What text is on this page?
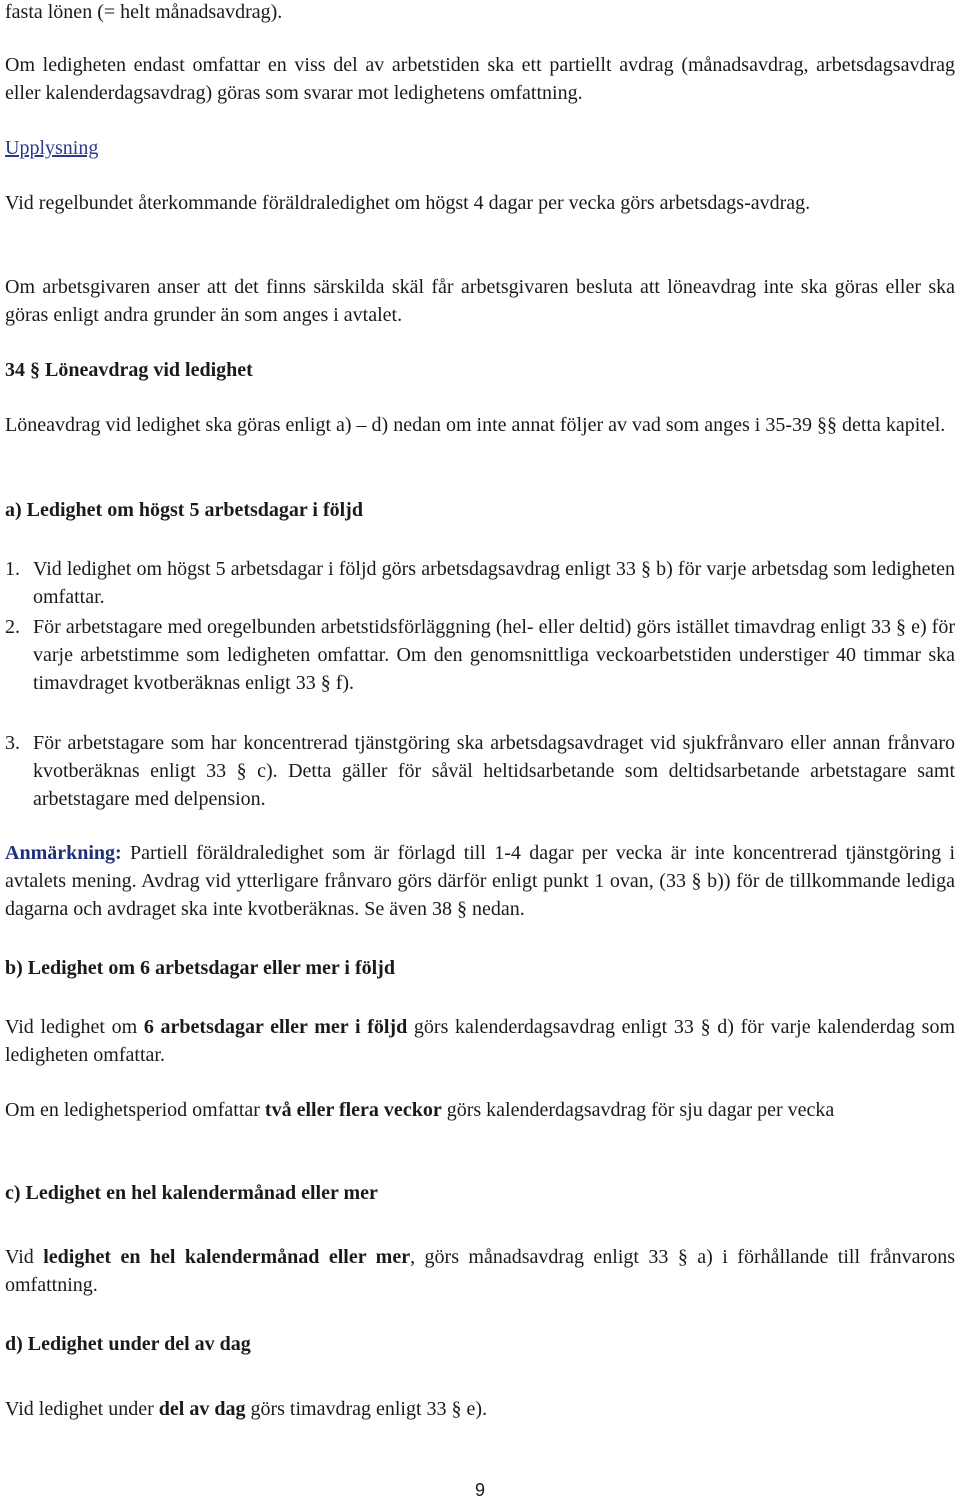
fasta lönen (= helt månadsavdrag).

Om ledigheten endast omfattar en viss del av arbetstiden ska ett partiellt avdrag (månadsavdrag, arbetsdagsavdrag eller kalenderdagsavdrag) göras som svarar mot ledighetens omfattning.

Upplysning

Vid regelbundet återkommande föräldraledighet om högst 4 dagar per vecka görs arbetsdags-avdrag.

Om arbetsgivaren anser att det finns särskilda skäl får arbetsgivaren besluta att löneavdrag inte ska göras eller ska göras enligt andra grunder än som anges i avtalet.

34 § Löneavdrag vid ledighet

Löneavdrag vid ledighet ska göras enligt a) – d) nedan om inte annat följer av vad som anges i 35-39 §§ detta kapitel.

a) Ledighet om högst 5 arbetsdagar i följd

1. Vid ledighet om högst 5 arbetsdagar i följd görs arbetsdagsavdrag enligt 33 § b) för varje arbetsdag som ledigheten omfattar.
2. För arbetstagare med oregelbunden arbetstidsförläggning (hel- eller deltid) görs istället timavdrag enligt 33 § e) för varje arbetstimme som ledigheten omfattar. Om den genomsnittliga veckoarbetstiden understiger 40 timmar ska timavdraget kvotberäknas enligt 33 § f).
3. För arbetstagare som har koncentrerad tjänstgöring ska arbetsdagsavdraget vid sjukfrånvaro eller annan frånvaro kvotberäknas enligt 33 § c). Detta gäller för såväl heltidsarbetande som deltidsarbetande arbetstagare samt arbetstagare med delpension.

Anmärkning: Partiell föräldraledighet som är förlagd till 1-4 dagar per vecka är inte koncentrerad tjänstgöring i avtalets mening. Avdrag vid ytterligare frånvaro görs därför enligt punkt 1 ovan, (33 § b)) för de tillkommande lediga dagarna och avdraget ska inte kvotberäknas. Se även 38 § nedan.

b) Ledighet om 6 arbetsdagar eller mer i följd

Vid ledighet om 6 arbetsdagar eller mer i följd görs kalenderdagsavdrag enligt 33 § d) för varje kalenderdag som ledigheten omfattar.

Om en ledighetsperiod omfattar två eller flera veckor görs kalenderdagsavdrag för sju dagar per vecka

c) Ledighet en hel kalendermånad eller mer

Vid ledighet en hel kalendermånad eller mer, görs månadsavdrag enligt 33 § a) i förhållande till frånvarons omfattning.

d) Ledighet under del av dag

Vid ledighet under del av dag görs timavdrag enligt 33 § e).

9
